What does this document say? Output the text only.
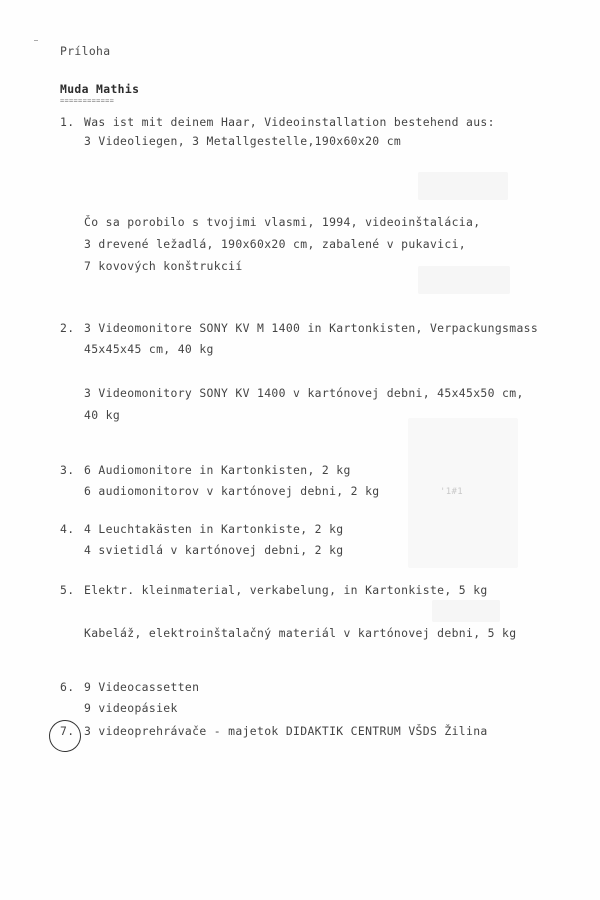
'1#1
Príloha
Muda Mathis
============
1. Was ist mit deinem Haar, Videoinstallation bestehend aus:
3 Videoliegen, 3 Metallgestelle,190x60x20 cm
Čo sa porobilo s tvojimi vlasmi, 1994, videoinštalácia,
3 drevené ležadlá, 190x60x20 cm, zabalené v pukavici,
7 kovových konštrukcií
2. 3 Videomonitore SONY KV M 1400 in Kartonkisten, Verpackungsmass
45x45x45 cm, 40 kg
3 Videomonitory SONY KV 1400 v kartónovej debni, 45x45x50 cm,
40 kg
3. 6 Audiomonitore in Kartonkisten, 2 kg
6 audiomonitorov v kartónovej debni, 2 kg
4. 4 Leuchtakästen in Kartonkiste, 2 kg
4 svietidlá v kartónovej debni, 2 kg
5. Elektr. kleinmaterial, verkabelung, in Kartonkiste, 5 kg
Kabeláž, elektroinštalačný materiál v kartónovej debni, 5 kg
6. 9 Videocassetten
9 videopásiek
7. 3 videoprehrávače - majetok DIDAKTIK CENTRUM VŠDS Žilina
